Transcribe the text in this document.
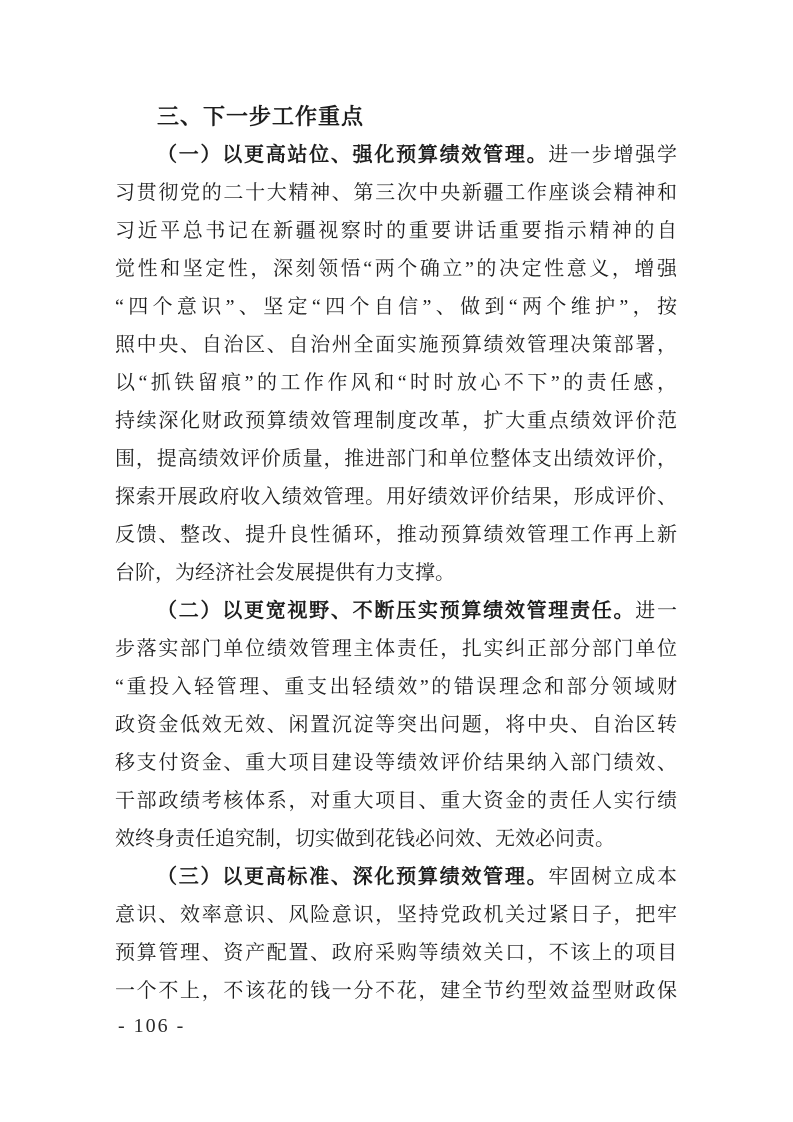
三、下一步工作重点
（一）以更高站位、强化预算绩效管理。进一步增强学
习贯彻党的二十大精神、第三次中央新疆工作座谈会精神和
习近平总书记在新疆视察时的重要讲话重要指示精神的自
觉性和坚定性，深刻领悟“两个确立”的决定性意义，增强
“四个意识”、坚定“四个自信”、做到“两个维护”，按
照中央、自治区、自治州全面实施预算绩效管理决策部署，
以“抓铁留痕”的工作作风和“时时放心不下”的责任感，
持续深化财政预算绩效管理制度改革，扩大重点绩效评价范
围，提高绩效评价质量，推进部门和单位整体支出绩效评价，
探索开展政府收入绩效管理。用好绩效评价结果，形成评价、
反馈、整改、提升良性循环，推动预算绩效管理工作再上新
台阶，为经济社会发展提供有力支撑。
（二）以更宽视野、不断压实预算绩效管理责任。进一
步落实部门单位绩效管理主体责任，扎实纠正部分部门单位
“重投入轻管理、重支出轻绩效”的错误理念和部分领域财
政资金低效无效、闲置沉淀等突出问题，将中央、自治区转
移支付资金、重大项目建设等绩效评价结果纳入部门绩效、
干部政绩考核体系，对重大项目、重大资金的责任人实行绩
效终身责任追究制，切实做到花钱必问效、无效必问责。
（三）以更高标准、深化预算绩效管理。牢固树立成本
意识、效率意识、风险意识，坚持党政机关过紧日子，把牢
预算管理、资产配置、政府采购等绩效关口，不该上的项目
一个不上，不该花的钱一分不花，建全节约型效益型财政保
- 106 -
